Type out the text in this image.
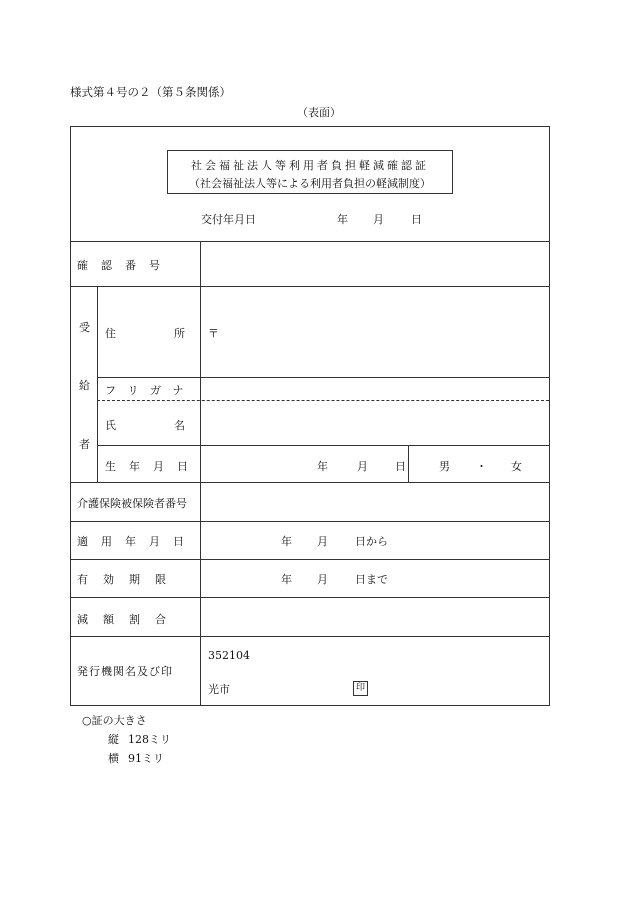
様式第４号の２（第５条関係）
（表面）
社会福祉法人等利用者負担軽減確認証
（社会福祉法人等による利用者負担の軽減制度）
交付年月日	年 月 日
確　認　番　号
受
給
者
住　　所 〒
フ リ ガ ナ
氏　　名
生　年　月　日	年	月 日	男 ・ 女
介護保険被保険者番号
適　用　年　月　日	年 月 日から
有　効　期　限	年 月 日まで
減　額　割　合
発行機関名及び印
352104
光市	印
○証の大きさ
縦 128ミリ
横 91ミリ
